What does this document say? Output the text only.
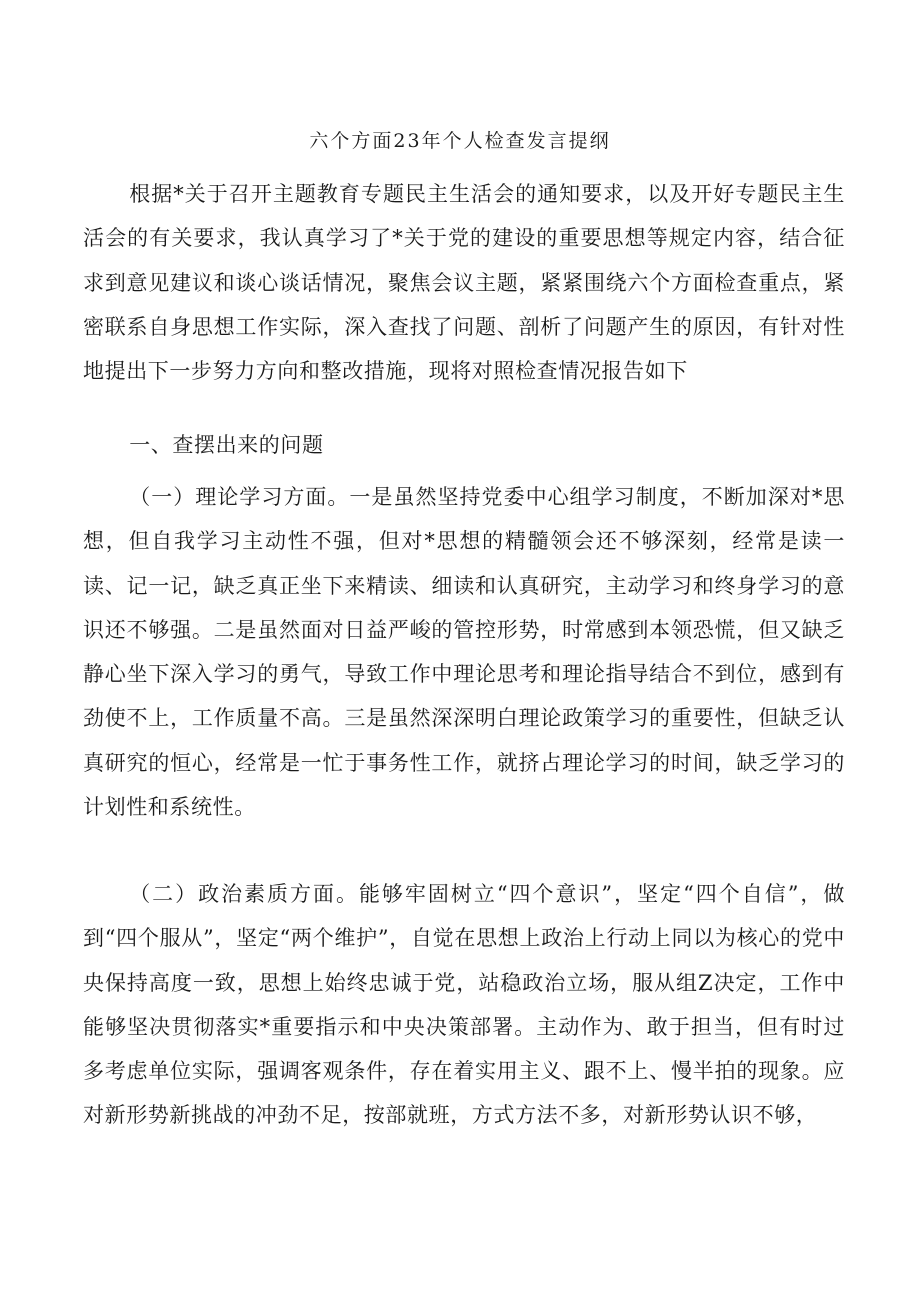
六个方面23年个人检查发言提纲

根据*关于召开主题教育专题民主生活会的通知要求，以及开好专题民主生活会的有关要求，我认真学习了*关于党的建设的重要思想等规定内容，结合征求到意见建议和谈心谈话情况，聚焦会议主题，紧紧围绕六个方面检查重点，紧密联系自身思想工作实际，深入查找了问题、剖析了问题产生的原因，有针对性地提出下一步努力方向和整改措施，现将对照检查情况报告如下

一、查摆出来的问题

（一）理论学习方面。一是虽然坚持党委中心组学习制度，不断加深对*思想，但自我学习主动性不强，但对*思想的精髓领会还不够深刻，经常是读一读、记一记，缺乏真正坐下来精读、细读和认真研究，主动学习和终身学习的意识还不够强。二是虽然面对日益严峻的管控形势，时常感到本领恐慌，但又缺乏静心坐下深入学习的勇气，导致工作中理论思考和理论指导结合不到位，感到有劲使不上，工作质量不高。三是虽然深深明白理论政策学习的重要性，但缺乏认真研究的恒心，经常是一忙于事务性工作，就挤占理论学习的时间，缺乏学习的计划性和系统性。

（二）政治素质方面。能够牢固树立“四个意识”，坚定“四个自信”，做到“四个服从”，坚定“两个维护”，自觉在思想上政治上行动上同以为核心的党中央保持高度一致，思想上始终忠诚于党，站稳政治立场，服从组Z决定，工作中能够坚决贯彻落实*重要指示和中央决策部署。主动作为、敢于担当，但有时过多考虑单位实际，强调客观条件，存在着实用主义、跟不上、慢半拍的现象。应对新形势新挑战的冲劲不足，按部就班，方式方法不多，对新形势认识不够，
